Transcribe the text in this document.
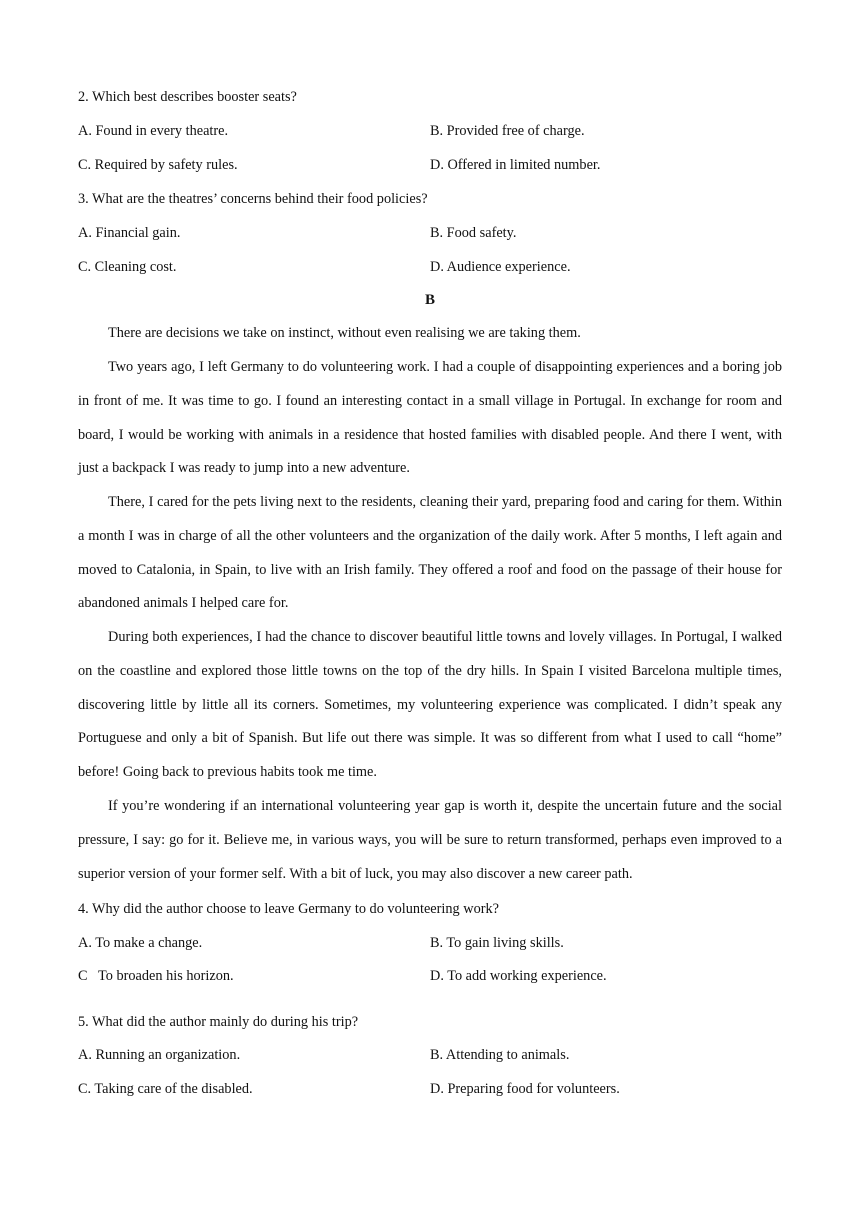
2. Which best describes booster seats?
A. Found in every theatre.	B. Provided free of charge.
C. Required by safety rules.	D. Offered in limited number.
3. What are the theatres’ concerns behind their food policies?
A. Financial gain.	B. Food safety.
C. Cleaning cost.	D. Audience experience.
B

There are decisions we take on instinct, without even realising we are taking them.

Two years ago, I left Germany to do volunteering work. I had a couple of disappointing experiences and a boring job in front of me. It was time to go. I found an interesting contact in a small village in Portugal. In exchange for room and board, I would be working with animals in a residence that hosted families with disabled people. And there I went, with just a backpack I was ready to jump into a new adventure.

There, I cared for the pets living next to the residents, cleaning their yard, preparing food and caring for them. Within a month I was in charge of all the other volunteers and the organization of the daily work. After 5 months, I left again and moved to Catalonia, in Spain, to live with an Irish family. They offered a roof and food on the passage of their house for abandoned animals I helped care for.

During both experiences, I had the chance to discover beautiful little towns and lovely villages. In Portugal, I walked on the coastline and explored those little towns on the top of the dry hills. In Spain I visited Barcelona multiple times, discovering little by little all its corners. Sometimes, my volunteering experience was complicated. I didn’t speak any Portuguese and only a bit of Spanish. But life out there was simple. It was so different from what I used to call “home” before! Going back to previous habits took me time.

If you’re wondering if an international volunteering year gap is worth it, despite the uncertain future and the social pressure, I say: go for it. Believe me, in various ways, you will be sure to return transformed, perhaps even improved to a superior version of your former self. With a bit of luck, you may also discover a new career path.

4. Why did the author choose to leave Germany to do volunteering work?
A. To make a change.	B. To gain living skills.
C   To broaden his horizon.	D. To add working experience.
5. What did the author mainly do during his trip?
A. Running an organization.	B. Attending to animals.
C. Taking care of the disabled.	D. Preparing food for volunteers.
